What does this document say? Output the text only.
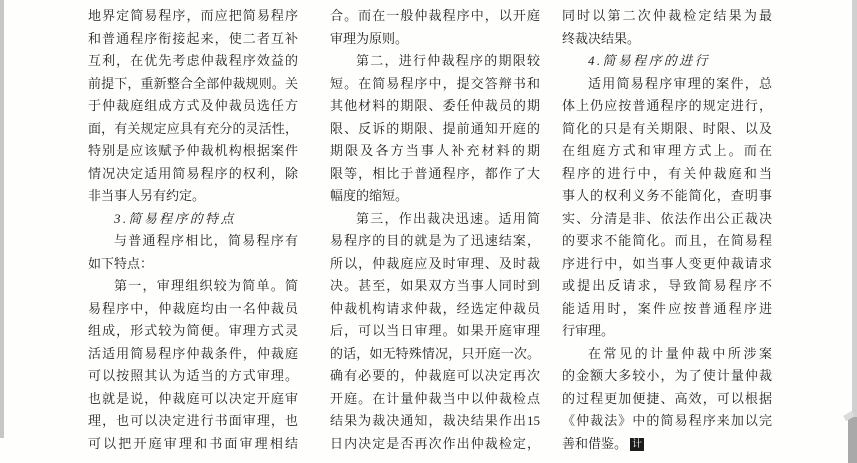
地界定简易程序，而应把简易程序
和普通程序衔接起来，使二者互补
互利，在优先考虑仲裁程序效益的
前提下，重新整合全部仲裁规则。关
于仲裁庭组成方式及仲裁员选任方
面，有关规定应具有充分的灵活性，
特别是应该赋予仲裁机构根据案件
情况决定适用简易程序的权利，除
非当事人另有约定。
3.简易程序的特点
与普通程序相比，简易程序有
如下特点：
第一，审理组织较为简单。简
易程序中，仲裁庭均由一名仲裁员
组成，形式较为简便。审理方式灵
活适用简易程序仲裁条件，仲裁庭
可以按照其认为适当的方式审理。
也就是说，仲裁庭可以决定开庭审
理，也可以决定进行书面审理，也
可以把开庭审理和书面审理相结
合。而在一般仲裁程序中，以开庭
审理为原则。
第二，进行仲裁程序的期限较
短。在简易程序中，提交答辩书和
其他材料的期限、委任仲裁员的期
限、反诉的期限、提前通知开庭的
期限及各方当事人补充材料的期
限等，相比于普通程序，都作了大
幅度的缩短。
第三，作出裁决迅速。适用简
易程序的目的就是为了迅速结案，
所以，仲裁庭应及时审理、及时裁
决。甚至，如果双方当事人同时到
仲裁机构请求仲裁，经选定仲裁员
后，可以当日审理。如果开庭审理
的话，如无特殊情况，只开庭一次。
确有必要的，仲裁庭可以决定再次
开庭。在计量仲裁当中以仲裁检点
结果为裁决通知，裁决结果作出15
日内决定是否再次作出仲裁检定，
同时以第二次仲裁检定结果为最
终裁决结果。
4.简易程序的进行
适用简易程序审理的案件，总
体上仍应按普通程序的规定进行，
简化的只是有关期限、时限、以及
在组庭方式和审理方式上。而在
程序的进行中，有关仲裁庭和当
事人的权利义务不能简化，查明事
实、分清是非、依法作出公正裁决
的要求不能简化。而且，在简易程
序进行中，如当事人变更仲裁请求
或提出反请求，导致简易程序不
能适用时，案件应按普通程序进
行审理。
在常见的计量仲裁中所涉案
的金额大多较小，为了使计量仲裁
的过程更加便捷、高效，可以根据
《仲裁法》中的简易程序来加以完
善和借鉴。 计
